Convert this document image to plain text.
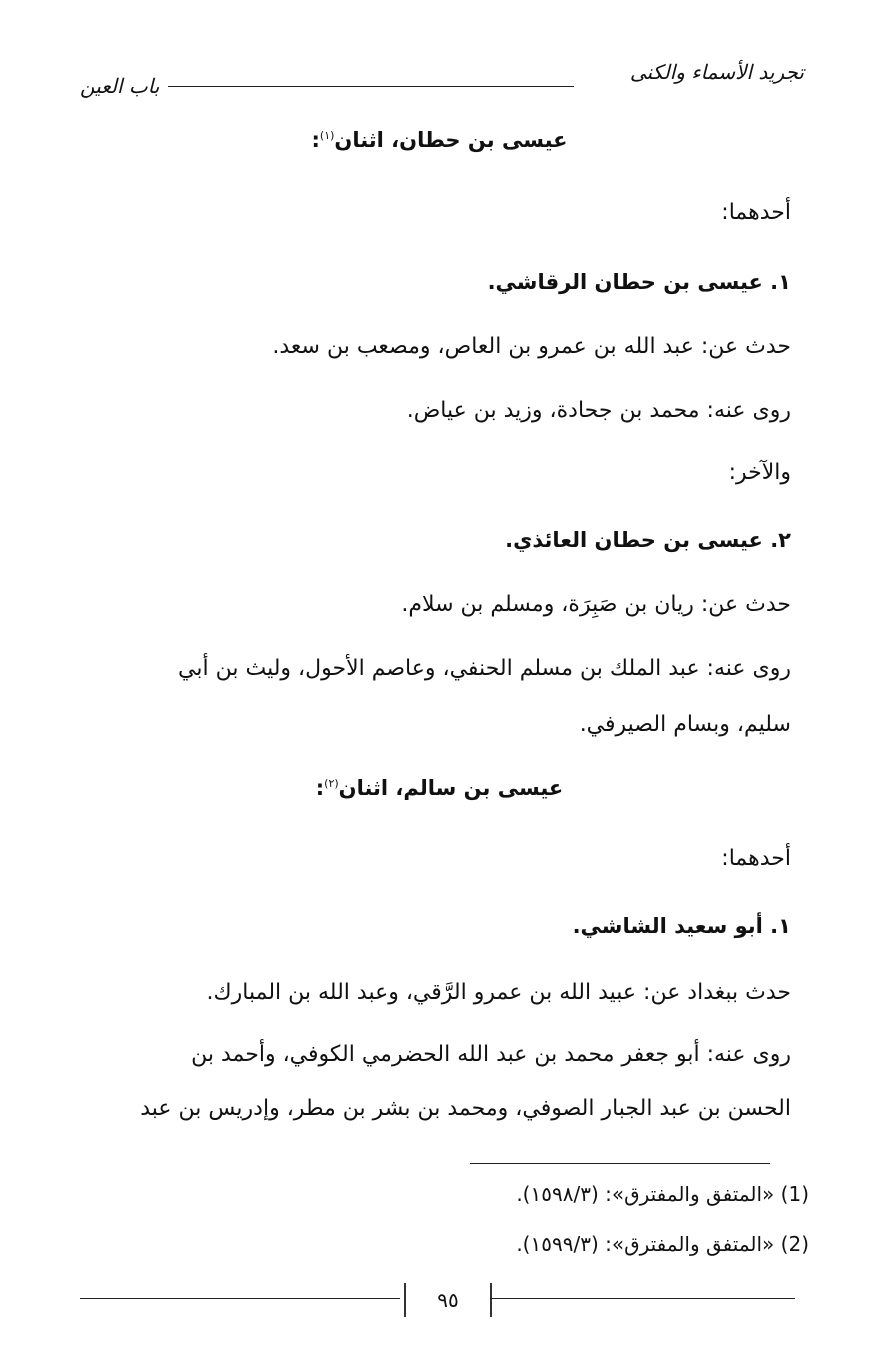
تجريد الأسماء والكنى
باب العين
عيسى بن حطان، اثنان$^{(١)}$:
أحدهما:
١. عيسى بن حطان الرقاشي.
حدث عن: عبد الله بن عمرو بن العاص، ومصعب بن سعد.
روى عنه: محمد بن جحادة، وزيد بن عياض.
والآخر:
٢. عيسى بن حطان العائذي.
حدث عن: ريان بن صَبِرَة، ومسلم بن سلام.
روى عنه: عبد الملك بن مسلم الحنفي، وعاصم الأحول، وليث بن أبي
سليم، وبسام الصيرفي.
عيسى بن سالم، اثنان$^{(٢)}$:
أحدهما:
١. أبو سعيد الشاشي.
حدث ببغداد عن: عبيد الله بن عمرو الرَّقي، وعبد الله بن المبارك.
روى عنه: أبو جعفر محمد بن عبد الله الحضرمي الكوفي، وأحمد بن
الحسن بن عبد الجبار الصوفي، ومحمد بن بشر بن مطر، وإدريس بن عبد
(1) «المتفق والمفترق»: (١٥٩٨/٣).
(2) «المتفق والمفترق»: (١٥٩٩/٣).
٩٥
